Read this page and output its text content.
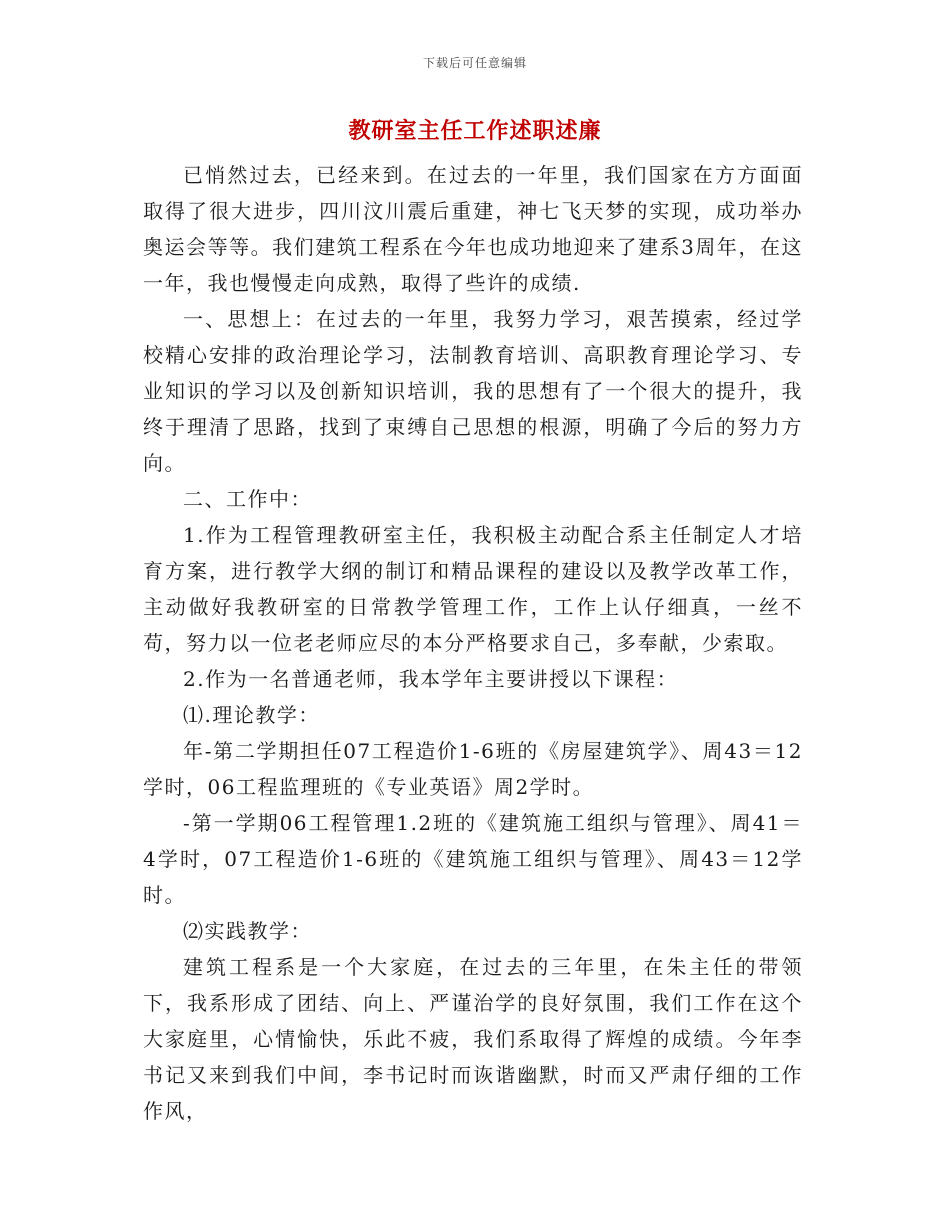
下载后可任意编辑
教研室主任工作述职述廉

已悄然过去，已经来到。在过去的一年里，我们国家在方方面面取得了很大进步，四川汶川震后重建，神七飞天梦的实现，成功举办奥运会等等。我们建筑工程系在今年也成功地迎来了建系3周年，在这一年，我也慢慢走向成熟，取得了些许的成绩.

一、思想上：在过去的一年里，我努力学习，艰苦摸索，经过学校精心安排的政治理论学习，法制教育培训、高职教育理论学习、专业知识的学习以及创新知识培训，我的思想有了一个很大的提升，我终于理清了思路，找到了束缚自己思想的根源，明确了今后的努力方向。

二、工作中：

1.作为工程管理教研室主任，我积极主动配合系主任制定人才培育方案，进行教学大纲的制订和精品课程的建设以及教学改革工作，主动做好我教研室的日常教学管理工作，工作上认仔细真，一丝不苟，努力以一位老老师应尽的本分严格要求自己，多奉献，少索取。

2.作为一名普通老师，我本学年主要讲授以下课程：

⑴.理论教学：

年-第二学期担任07工程造价1-6班的《房屋建筑学》、周43＝12学时，06工程监理班的《专业英语》周2学时。

-第一学期06工程管理1.2班的《建筑施工组织与管理》、周41＝4学时，07工程造价1-6班的《建筑施工组织与管理》、周43＝12学时。

⑵实践教学：

建筑工程系是一个大家庭，在过去的三年里，在朱主任的带领下，我系形成了团结、向上、严谨治学的良好氛围，我们工作在这个大家庭里，心情愉快，乐此不疲，我们系取得了辉煌的成绩。今年李书记又来到我们中间，李书记时而诙谐幽默，时而又严肃仔细的工作作风，
